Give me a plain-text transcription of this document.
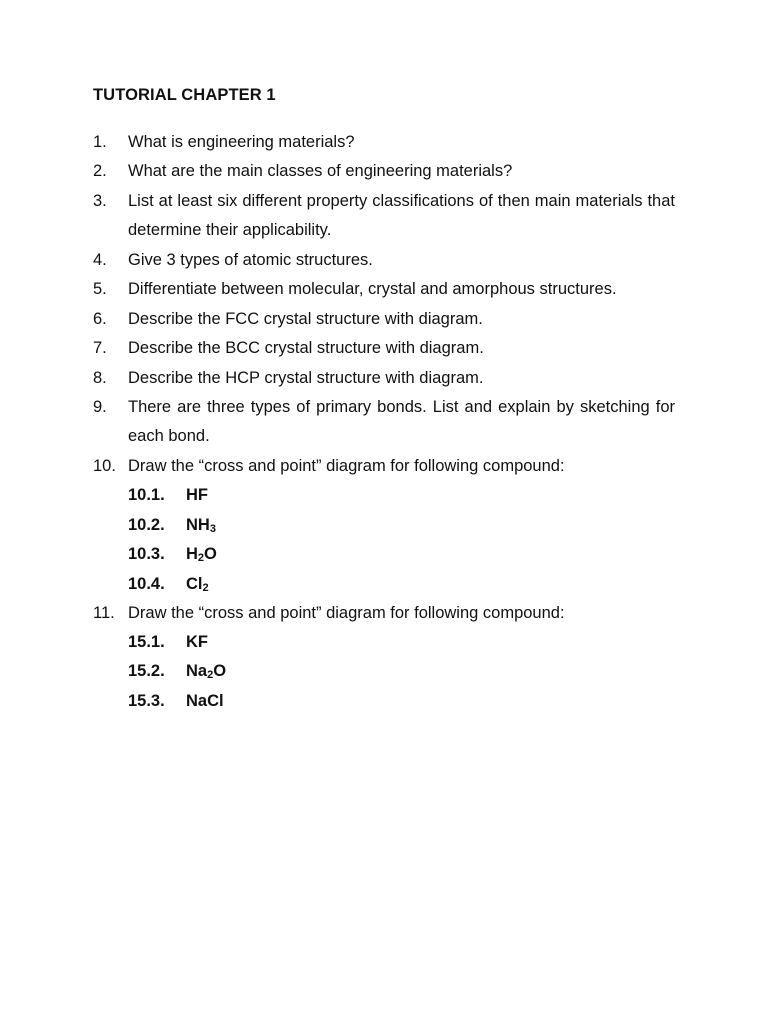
TUTORIAL CHAPTER 1
1. What is engineering materials?
2. What are the main classes of engineering materials?
3. List at least six different property classifications of then main materials that determine their applicability.
4. Give 3 types of atomic structures.
5. Differentiate between molecular, crystal and amorphous structures.
6. Describe the FCC crystal structure with diagram.
7. Describe the BCC crystal structure with diagram.
8. Describe the HCP crystal structure with diagram.
9. There are three types of primary bonds. List and explain by sketching for each bond.
10. Draw the “cross and point” diagram for following compound:
10.1. HF
10.2. $NH_3$
10.3. $H_2O$
10.4. $Cl_2$
11. Draw the “cross and point” diagram for following compound:
15.1. KF
15.2. $Na_2O$
15.3. NaCl
